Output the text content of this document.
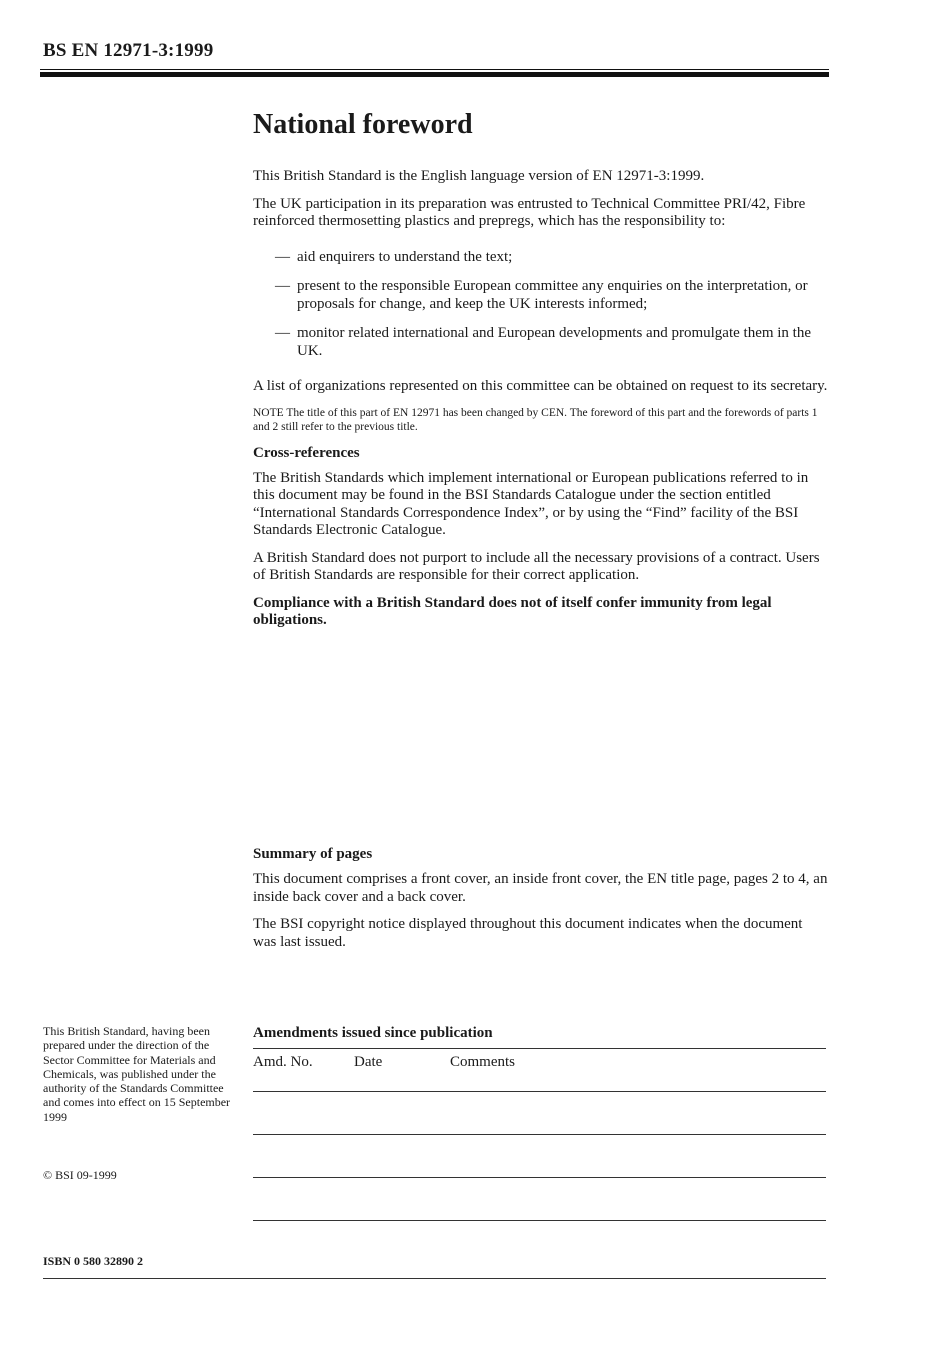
BS EN 12971-3:1999
National foreword

This British Standard is the English language version of EN 12971-3:1999.

The UK participation in its preparation was entrusted to Technical Committee PRI/42, Fibre reinforced thermosetting plastics and prepregs, which has the responsibility to:

— aid enquirers to understand the text;
— present to the responsible European committee any enquiries on the interpretation, or proposals for change, and keep the UK interests informed;
— monitor related international and European developments and promulgate them in the UK.

A list of organizations represented on this committee can be obtained on request to its secretary.

NOTE The title of this part of EN 12971 has been changed by CEN. The foreword of this part and the forewords of parts 1 and 2 still refer to the previous title.

Cross-references

The British Standards which implement international or European publications referred to in this document may be found in the BSI Standards Catalogue under the section entitled “International Standards Correspondence Index”, or by using the “Find” facility of the BSI Standards Electronic Catalogue.

A British Standard does not purport to include all the necessary provisions of a contract. Users of British Standards are responsible for their correct application.

Compliance with a British Standard does not of itself confer immunity from legal obligations.

Summary of pages

This document comprises a front cover, an inside front cover, the EN title page, pages 2 to 4, an inside back cover and a back cover.

The BSI copyright notice displayed throughout this document indicates when the document was last issued.

This British Standard, having been prepared under the direction of the Sector Committee for Materials and Chemicals, was published under the authority of the Standards Committee and comes into effect on 15 September 1999
© BSI 09-1999
ISBN 0 580 32890 2
Amendments issued since publication
Amd. No.	Date	Comments
